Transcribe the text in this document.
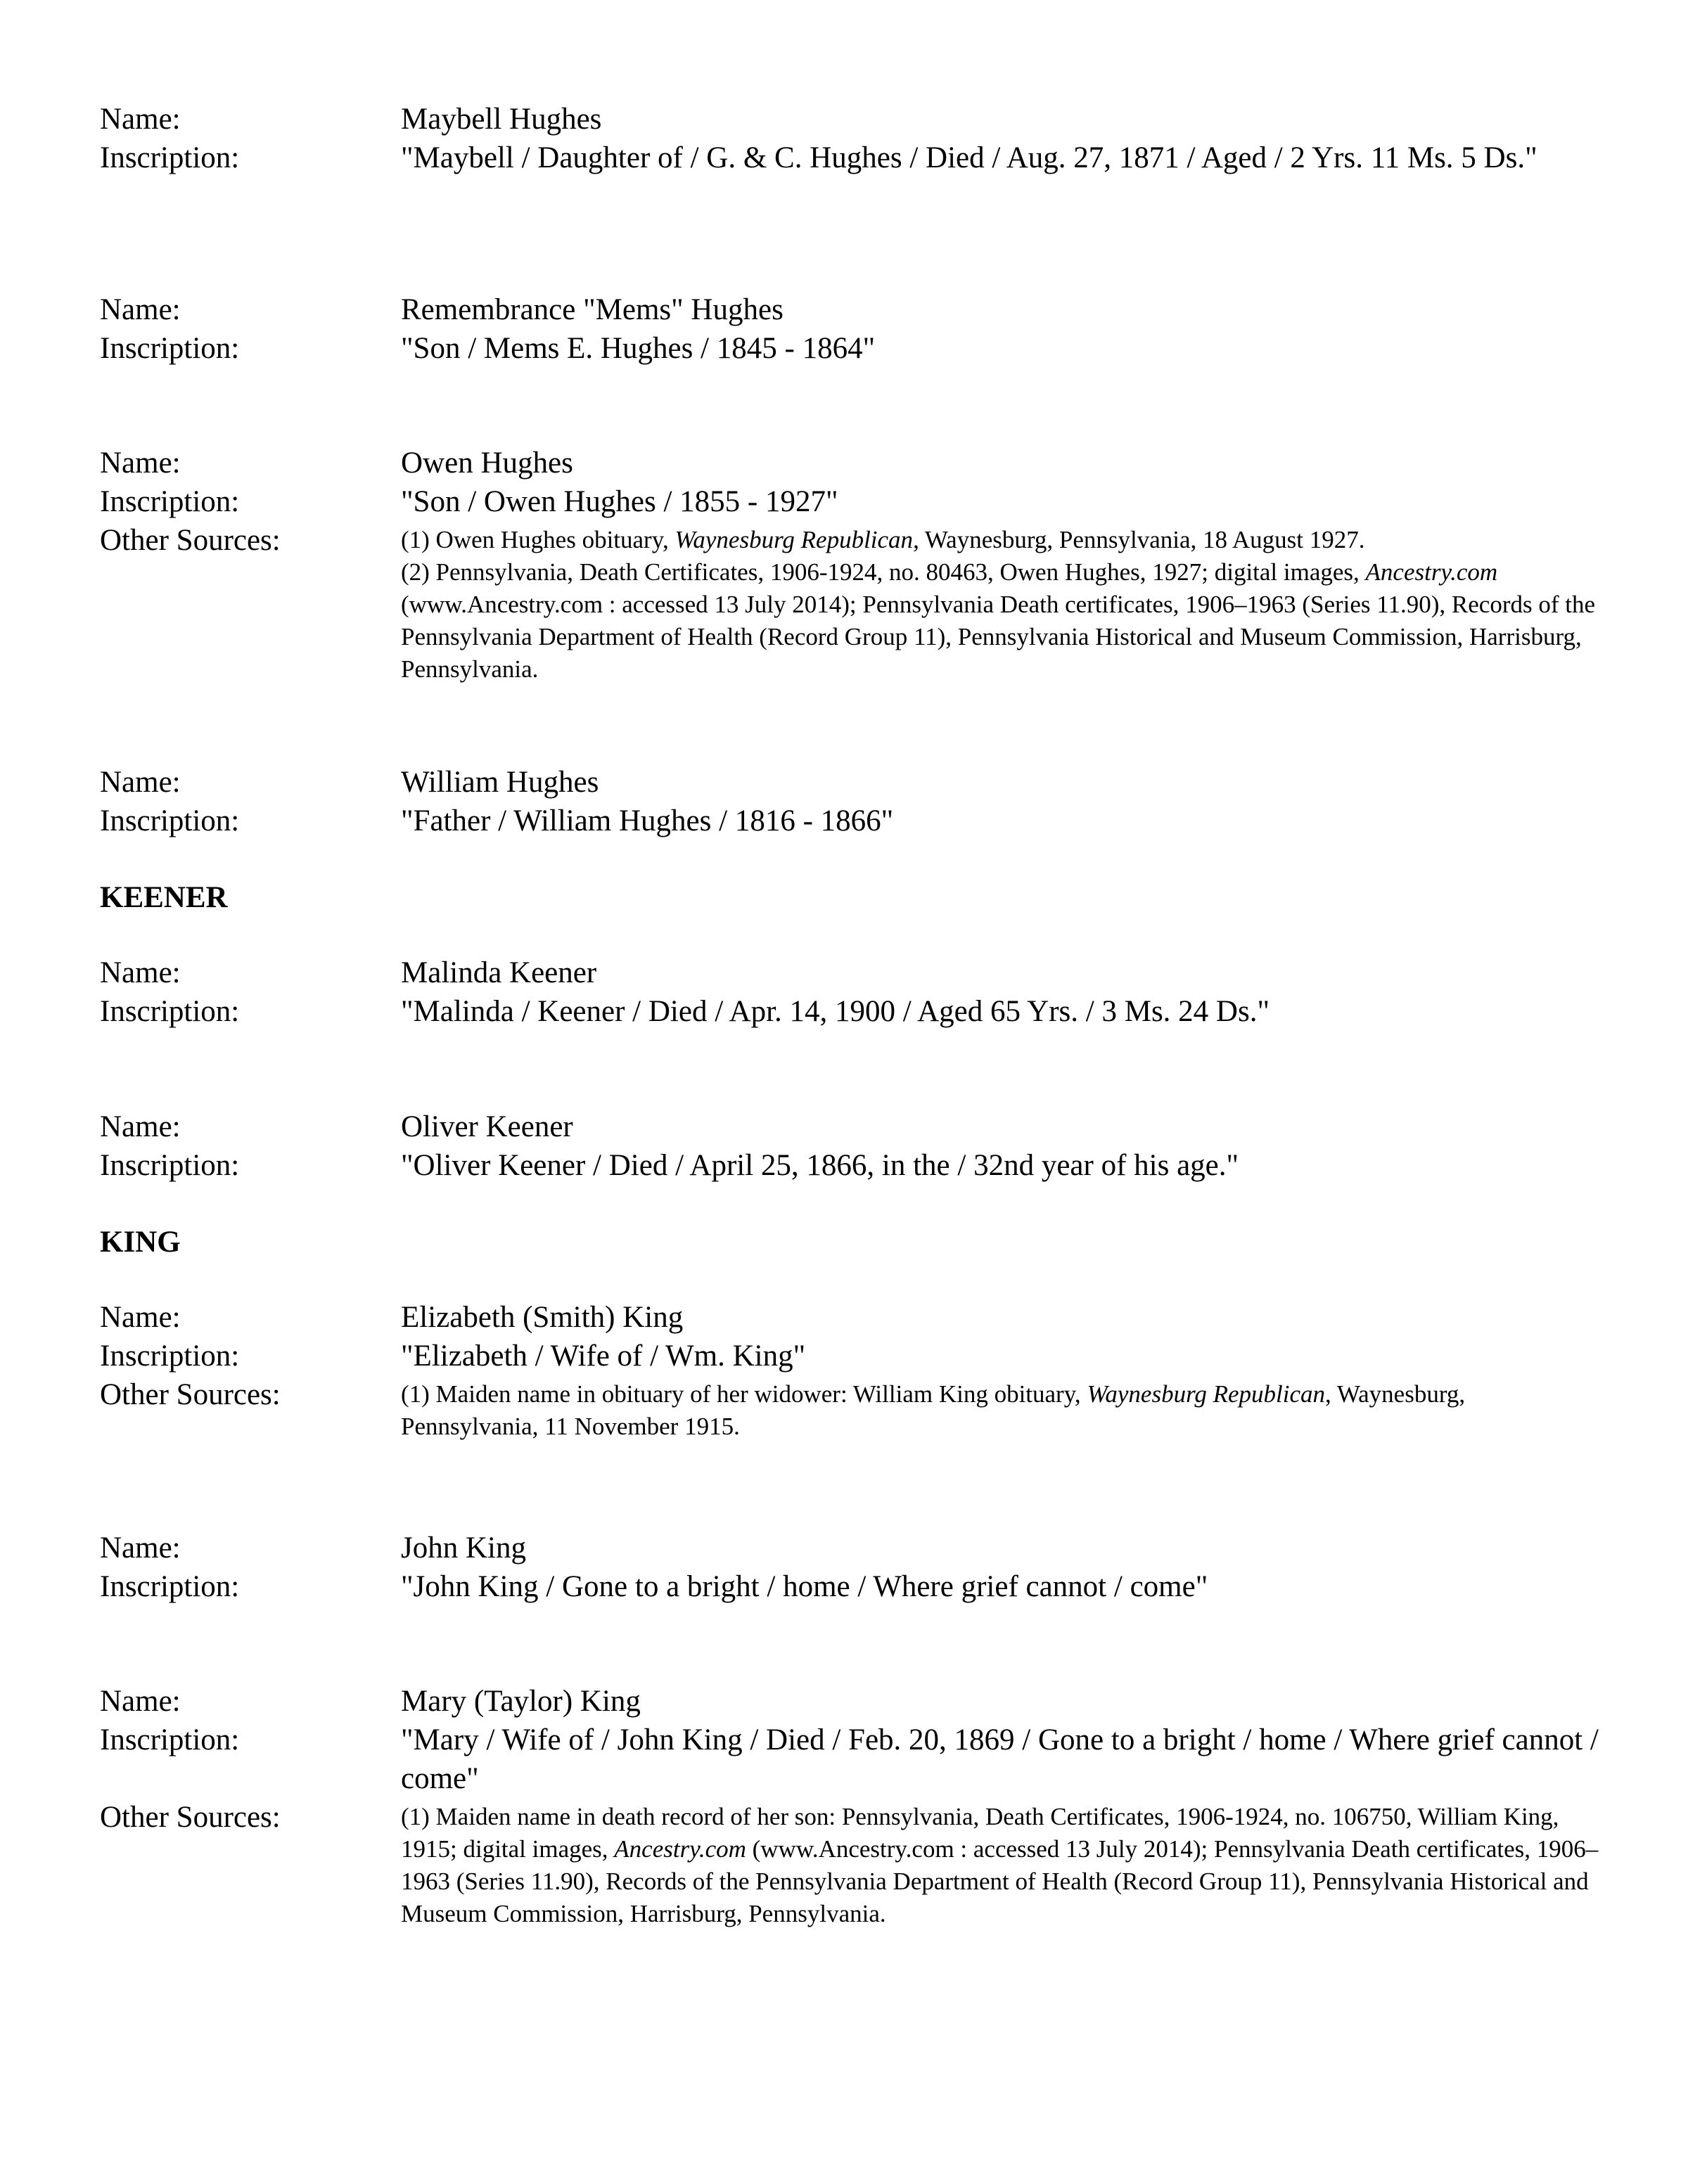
Name:	Maybell Hughes
Inscription:	"Maybell / Daughter of / G. & C. Hughes / Died / Aug. 27, 1871 / Aged / 2 Yrs. 11 Ms. 5 Ds."
Name:	Remembrance "Mems" Hughes
Inscription:	"Son / Mems E. Hughes / 1845 - 1864"
Name:	Owen Hughes
Inscription:	"Son / Owen Hughes / 1855 - 1927"
Other Sources:	(1) Owen Hughes obituary, Waynesburg Republican, Waynesburg, Pennsylvania, 18 August 1927.
(2) Pennsylvania, Death Certificates, 1906-1924, no. 80463, Owen Hughes, 1927; digital images, Ancestry.com (www.Ancestry.com : accessed 13 July 2014); Pennsylvania Death certificates, 1906–1963 (Series 11.90), Records of the Pennsylvania Department of Health (Record Group 11), Pennsylvania Historical and Museum Commission, Harrisburg, Pennsylvania.
Name:	William Hughes
Inscription:	"Father / William Hughes / 1816 - 1866"
KEENER
Name:	Malinda Keener
Inscription:	"Malinda / Keener / Died / Apr. 14, 1900 / Aged 65 Yrs. / 3 Ms. 24 Ds."
Name:	Oliver Keener
Inscription:	"Oliver Keener / Died / April 25, 1866, in the / 32nd year of his age."
KING
Name:	Elizabeth (Smith) King
Inscription:	"Elizabeth / Wife of / Wm. King"
Other Sources:	(1) Maiden name in obituary of her widower: William King obituary, Waynesburg Republican, Waynesburg, Pennsylvania, 11 November 1915.
Name:	John King
Inscription:	"John King / Gone to a bright / home / Where grief cannot / come"
Name:	Mary (Taylor) King
Inscription:	"Mary / Wife of / John King / Died / Feb. 20, 1869 / Gone to a bright / home / Where grief cannot / come"
Other Sources:	(1) Maiden name in death record of her son: Pennsylvania, Death Certificates, 1906-1924, no. 106750, William King, 1915; digital images, Ancestry.com (www.Ancestry.com : accessed 13 July 2014); Pennsylvania Death certificates, 1906–1963 (Series 11.90), Records of the Pennsylvania Department of Health (Record Group 11), Pennsylvania Historical and Museum Commission, Harrisburg, Pennsylvania.
